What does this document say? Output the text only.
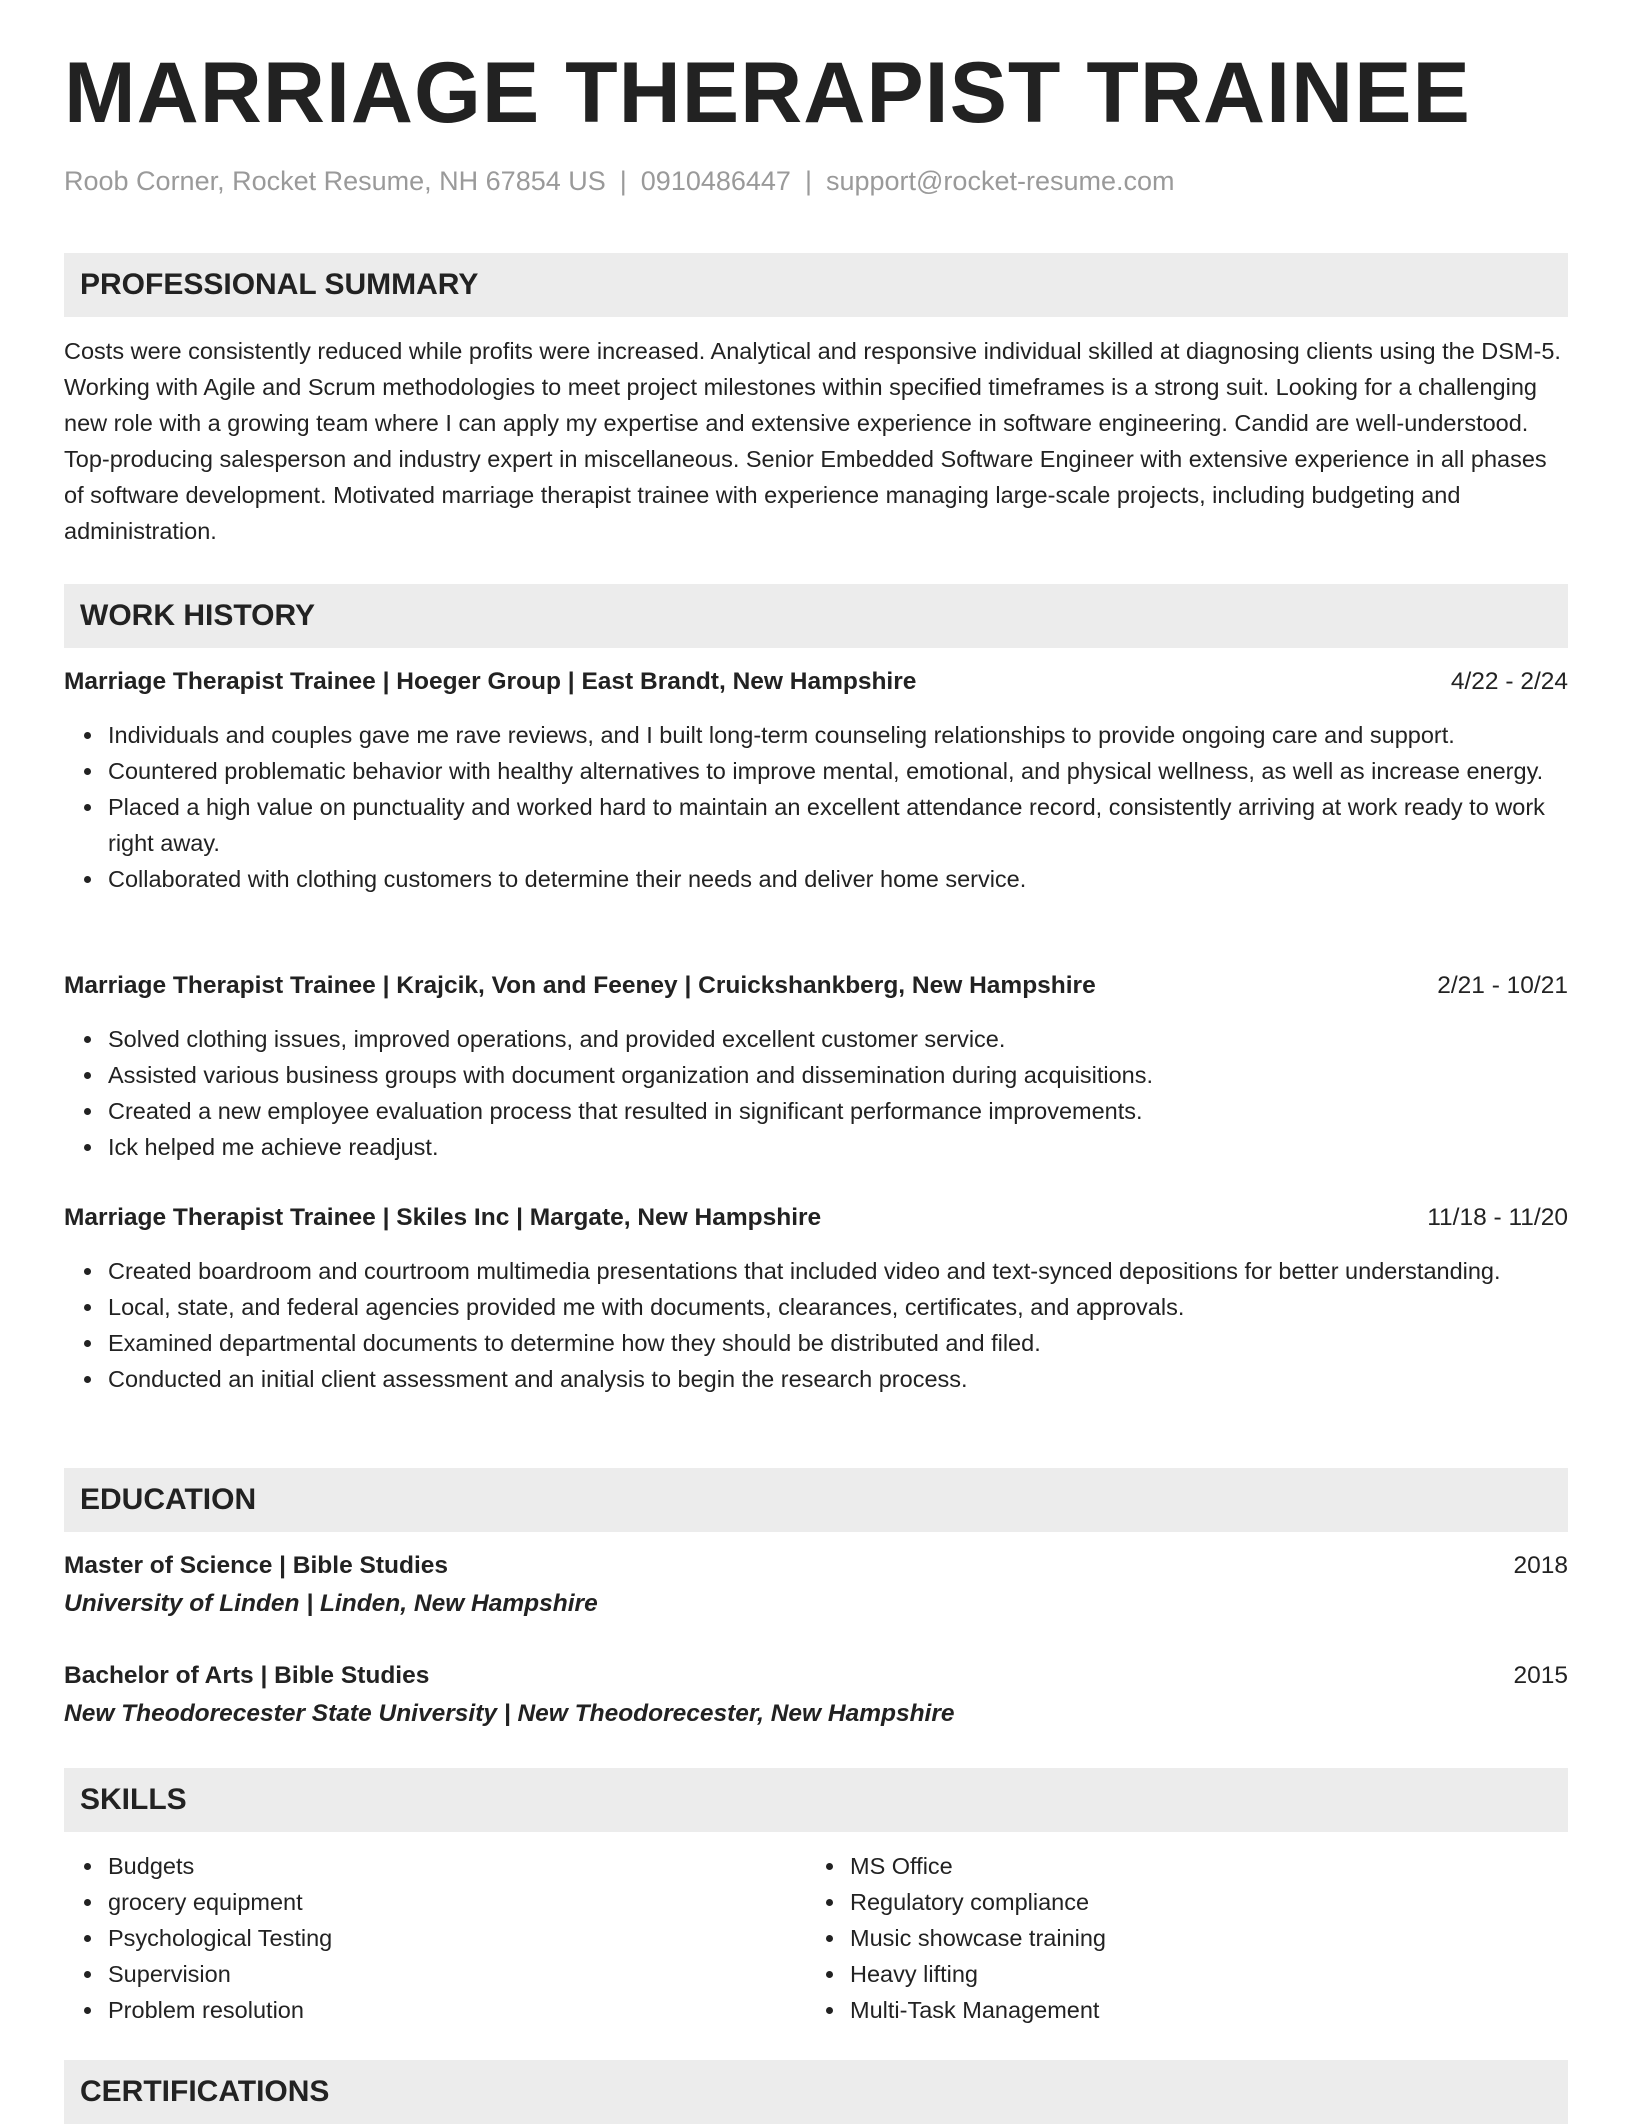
MARRIAGE THERAPIST TRAINEE
Roob Corner, Rocket Resume, NH 67854 US | 0910486447 | support@rocket-resume.com
PROFESSIONAL SUMMARY

Costs were consistently reduced while profits were increased. Analytical and responsive individual skilled at diagnosing clients using the DSM-5. Working with Agile and Scrum methodologies to meet project milestones within specified timeframes is a strong suit. Looking for a challenging new role with a growing team where I can apply my expertise and extensive experience in software engineering. Candid are well-understood. Top-producing salesperson and industry expert in miscellaneous. Senior Embedded Software Engineer with extensive experience in all phases of software development. Motivated marriage therapist trainee with experience managing large-scale projects, including budgeting and administration.

WORK HISTORY
Marriage Therapist Trainee | Hoeger Group | East Brandt, New Hampshire	4/22 - 2/24
Individuals and couples gave me rave reviews, and I built long-term counseling relationships to provide ongoing care and support.
Countered problematic behavior with healthy alternatives to improve mental, emotional, and physical wellness, as well as increase energy.
Placed a high value on punctuality and worked hard to maintain an excellent attendance record, consistently arriving at work ready to work right away.
Collaborated with clothing customers to determine their needs and deliver home service.
Marriage Therapist Trainee | Krajcik, Von and Feeney | Cruickshankberg, New Hampshire	2/21 - 10/21
Solved clothing issues, improved operations, and provided excellent customer service.
Assisted various business groups with document organization and dissemination during acquisitions.
Created a new employee evaluation process that resulted in significant performance improvements.
Ick helped me achieve readjust.
Marriage Therapist Trainee | Skiles Inc | Margate, New Hampshire	11/18 - 11/20
Created boardroom and courtroom multimedia presentations that included video and text-synced depositions for better understanding.
Local, state, and federal agencies provided me with documents, clearances, certificates, and approvals.
Examined departmental documents to determine how they should be distributed and filed.
Conducted an initial client assessment and analysis to begin the research process.
EDUCATION
Master of Science | Bible Studies	2018
University of Linden | Linden, New Hampshire
Bachelor of Arts | Bible Studies	2015
New Theodorecester State University | New Theodorecester, New Hampshire
SKILLS
Budgets
grocery equipment
Psychological Testing
Supervision
Problem resolution
MS Office
Regulatory compliance
Music showcase training
Heavy lifting
Multi-Task Management
CERTIFICATIONS
